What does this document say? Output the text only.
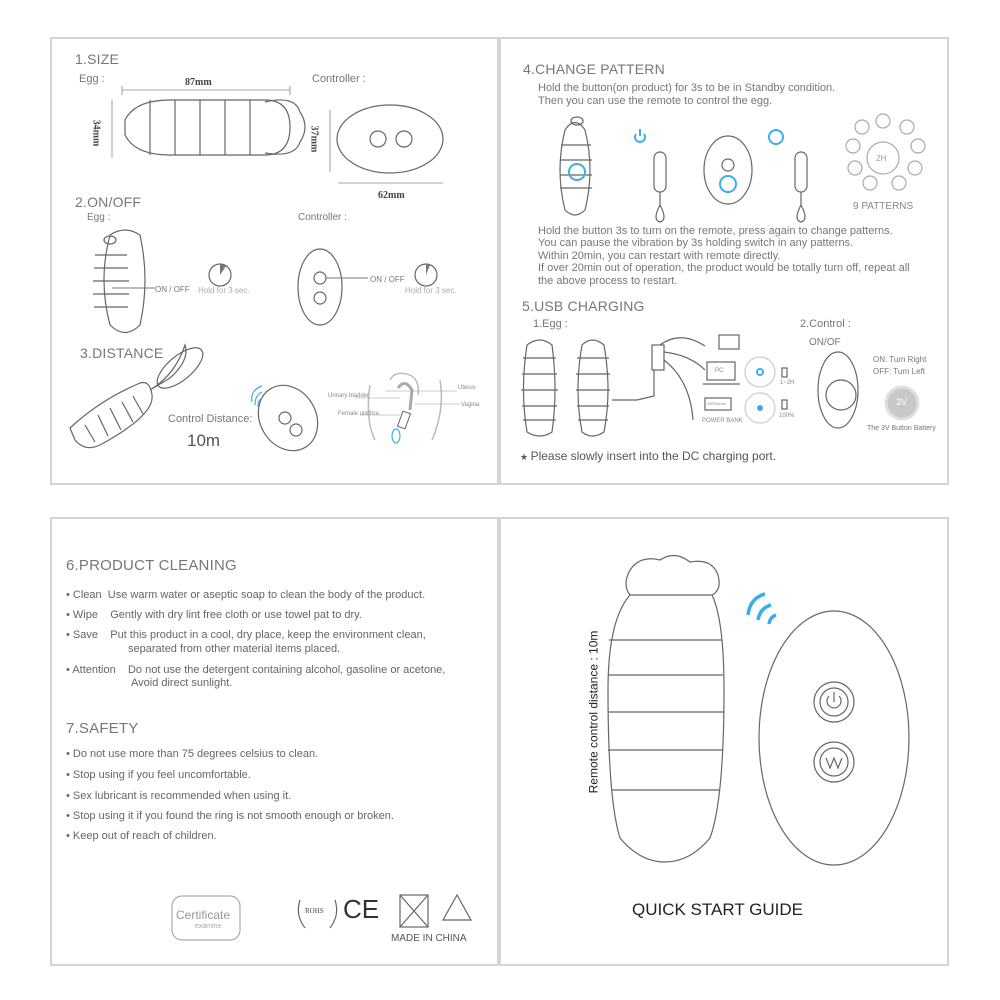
1.SIZE
Egg :	87mm
34mm
Controller :
37mm
62mm
2.ON/OFF
Egg :	Controller :
ON / OFF Hold for 3 sec.
ON / OFF
Hold for 3 sec.
3.DISTANCE
Control Distance:
10m
Uterus
Urinary bladder
Vagina
Female urethra
4.CHANGE PATTERN
Hold the button(on product) for 3s to be in Standby condition.
Then you can use the remote to control the egg.
2H
9 PATTERNS
Hold the button 3s to turn on the remote, press again to change patterns.
You can pause the vibration by 3s holding switch in any patterns.
Within 20min, you can restart with remote directly.
If over 20min out of operation, the product would be totally turn off, repeat all
the above process to restart.
5.USB CHARGING
1.Egg :	2.Control :
ON/OF
ON: Turn Right
OFF: Turn Left
3V
The 3V Button Battery
PC
10000mAh
POWER BANK
1~2H
100%
★ Please slowly insert into the DC charging port.
6.PRODUCT CLEANING
• Clean Use warm water or aseptic soap to clean the body of the product.
• Wipe Gently with dry lint free cloth or use towel pat to dry.
• Save Put this product in a cool, dry place, keep the environment clean,
separated from other material items placed.
• Attention Do not use the detergent containing alcohol, gasoline or acetone,
Avoid direct sunlight.
7.SAFETY
• Do not use more than 75 degrees celsius to clean.
• Stop using if you feel uncomfortable.
• Sex lubricant is recommended when using it.
• Stop using it if you found the ring is not smooth enough or broken.
• Keep out of reach of children.
Certificate
examine
ROHS CE
MADE IN CHINA
Remote control distance : 10m
QUICK START GUIDE
